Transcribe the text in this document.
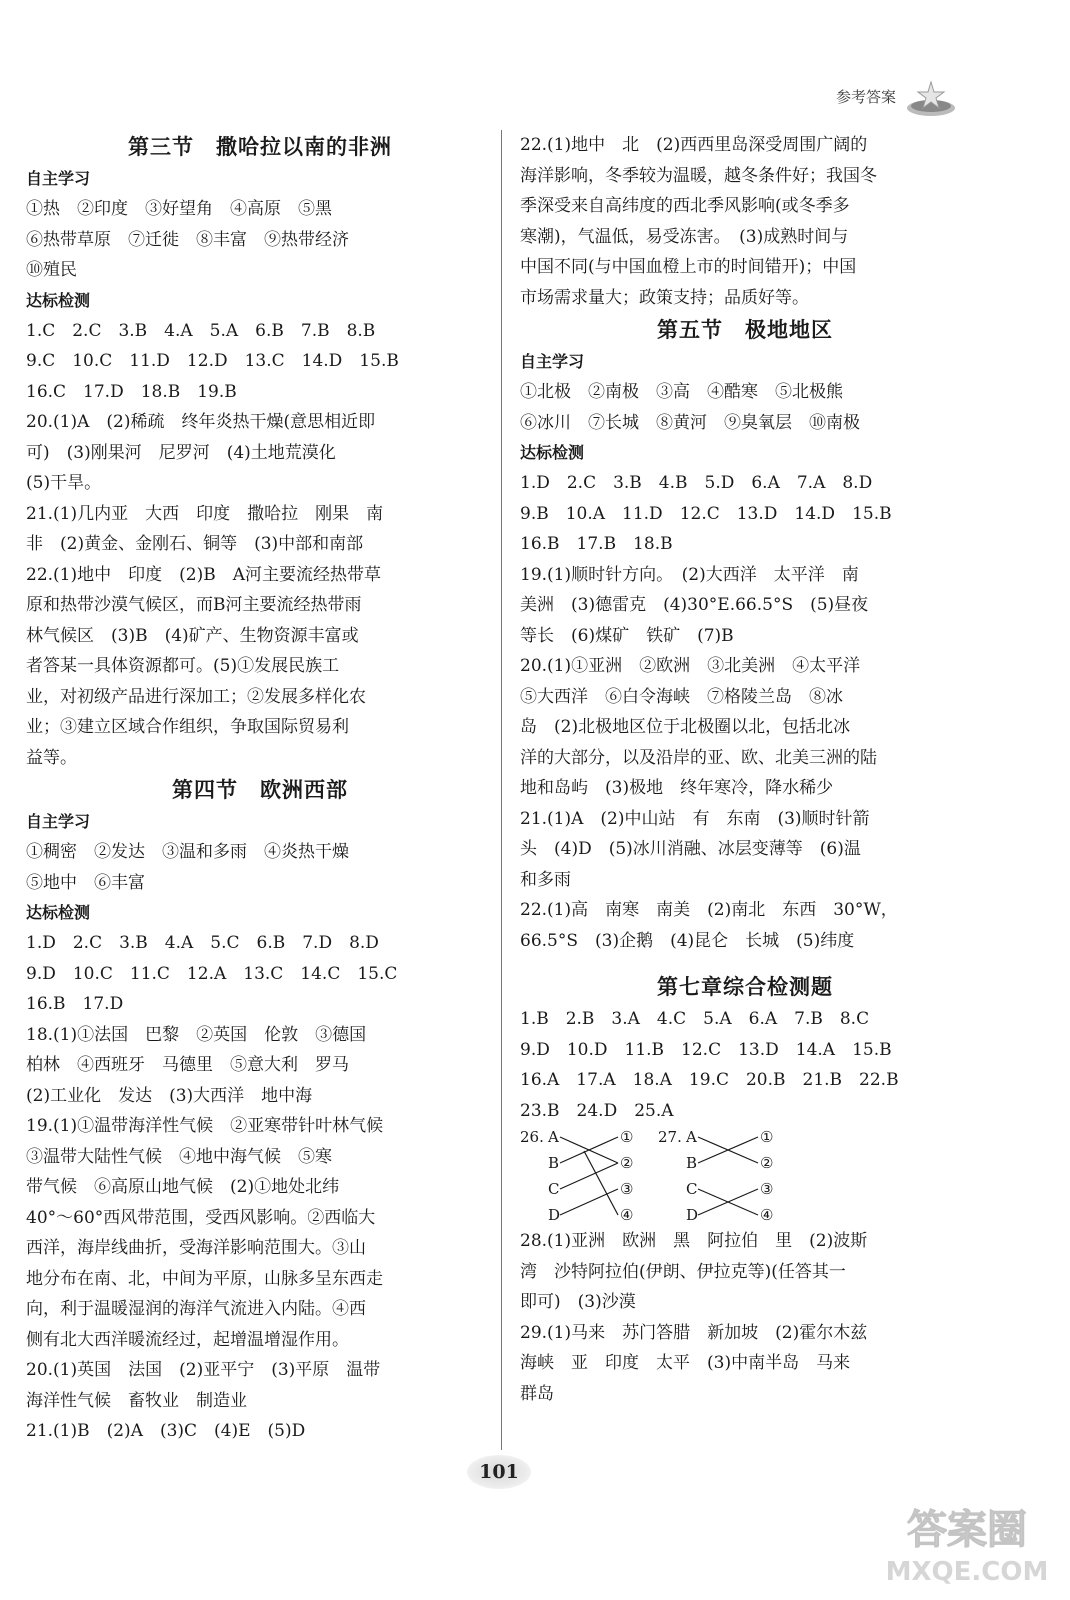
参考答案
第三节　撒哈拉以南的非洲
自主学习
①热　②印度　③好望角　④高原　⑤黑
⑥热带草原　⑦迁徙　⑧丰富　⑨热带经济
⑩殖民
达标检测
1.C　2.C　3.B　4.A　5.A　6.B　7.B　8.B
9.C　10.C　11.D　12.D　13.C　14.D　15.B
16.C　17.D　18.B　19.B
20.(1)A　(2)稀疏　终年炎热干燥(意思相近即
可)　(3)刚果河　尼罗河　(4)土地荒漠化
(5)干旱。
21.(1)几内亚　大西　印度　撒哈拉　刚果　南
非　(2)黄金、金刚石、铜等　(3)中部和南部
22.(1)地中　印度　(2)B　A河主要流经热带草
原和热带沙漠气候区，而B河主要流经热带雨
林气候区　(3)B　(4)矿产、生物资源丰富或
者答某一具体资源都可。(5)①发展民族工
业，对初级产品进行深加工；②发展多样化农
业；③建立区域合作组织，争取国际贸易利
益等。
第四节　欧洲西部
自主学习
①稠密　②发达　③温和多雨　④炎热干燥
⑤地中　⑥丰富
达标检测
1.D　2.C　3.B　4.A　5.C　6.B　7.D　8.D
9.D　10.C　11.C　12.A　13.C　14.C　15.C
16.B　17.D
18.(1)①法国　巴黎　②英国　伦敦　③德国
柏林　④西班牙　马德里　⑤意大利　罗马
(2)工业化　发达　(3)大西洋　地中海
19.(1)①温带海洋性气候　②亚寒带针叶林气候
③温带大陆性气候　④地中海气候　⑤寒
带气候　⑥高原山地气候　(2)①地处北纬
40°～60°西风带范围，受西风影响。②西临大
西洋，海岸线曲折，受海洋影响范围大。③山
地分布在南、北，中间为平原，山脉多呈东西走
向，利于温暖湿润的海洋气流进入内陆。④西
侧有北大西洋暖流经过，起增温增湿作用。
20.(1)英国　法国　(2)亚平宁　(3)平原　温带
海洋性气候　畜牧业　制造业
21.(1)B　(2)A　(3)C　(4)E　(5)D
22.(1)地中　北　(2)西西里岛深受周围广阔的
海洋影响，冬季较为温暖，越冬条件好；我国冬
季深受来自高纬度的西北季风影响(或冬季多
寒潮)，气温低，易受冻害。　(3)成熟时间与
中国不同(与中国血橙上市的时间错开)；中国
市场需求量大；政策支持；品质好等。
第五节　极地地区
自主学习
①北极　②南极　③高　④酷寒　⑤北极熊
⑥冰川　⑦长城　⑧黄河　⑨臭氧层　⑩南极
达标检测
1.D　2.C　3.B　4.B　5.D　6.A　7.A　8.D
9.B　10.A　11.D　12.C　13.D　14.D　15.B
16.B　17.B　18.B
19.(1)顺时针方向。　(2)大西洋　太平洋　南
美洲　(3)德雷克　(4)30°E.66.5°S　(5)昼夜
等长　(6)煤矿　铁矿　(7)B
20.(1)①亚洲　②欧洲　③北美洲　④太平洋
⑤大西洋　⑥白令海峡　⑦格陵兰岛　⑧冰
岛　(2)北极地区位于北极圈以北，包括北冰
洋的大部分，以及沿岸的亚、欧、北美三洲的陆
地和岛屿　(3)极地　终年寒冷，降水稀少
21.(1)A　(2)中山站　有　东南　(3)顺时针箭
头　(4)D　(5)冰川消融、冰层变薄等　(6)温
和多雨
22.(1)高　南寒　南美　(2)南北　东西　30°W，
66.5°S　(3)企鹅　(4)昆仑　长城　(5)纬度
第七章综合检测题
1.B　2.B　3.A　4.C　5.A　6.A　7.B　8.C
9.D　10.D　11.B　12.C　13.D　14.A　15.B
16.A　17.A　18.A　19.C　20.B　21.B　22.B
23.B　24.D　25.A
26. A
B
C
D
①
②
③
④
27. A
B
C
D
①
②
③
④
28.(1)亚洲　欧洲　黑　阿拉伯　里　(2)波斯
湾　沙特阿拉伯(伊朗、伊拉克等)(任答其一
即可)　(3)沙漠
29.(1)马来　苏门答腊　新加坡　(2)霍尔木兹
海峡　亚　印度　太平　(3)中南半岛　马来
群岛
101
答案圈
MXQE.COM
